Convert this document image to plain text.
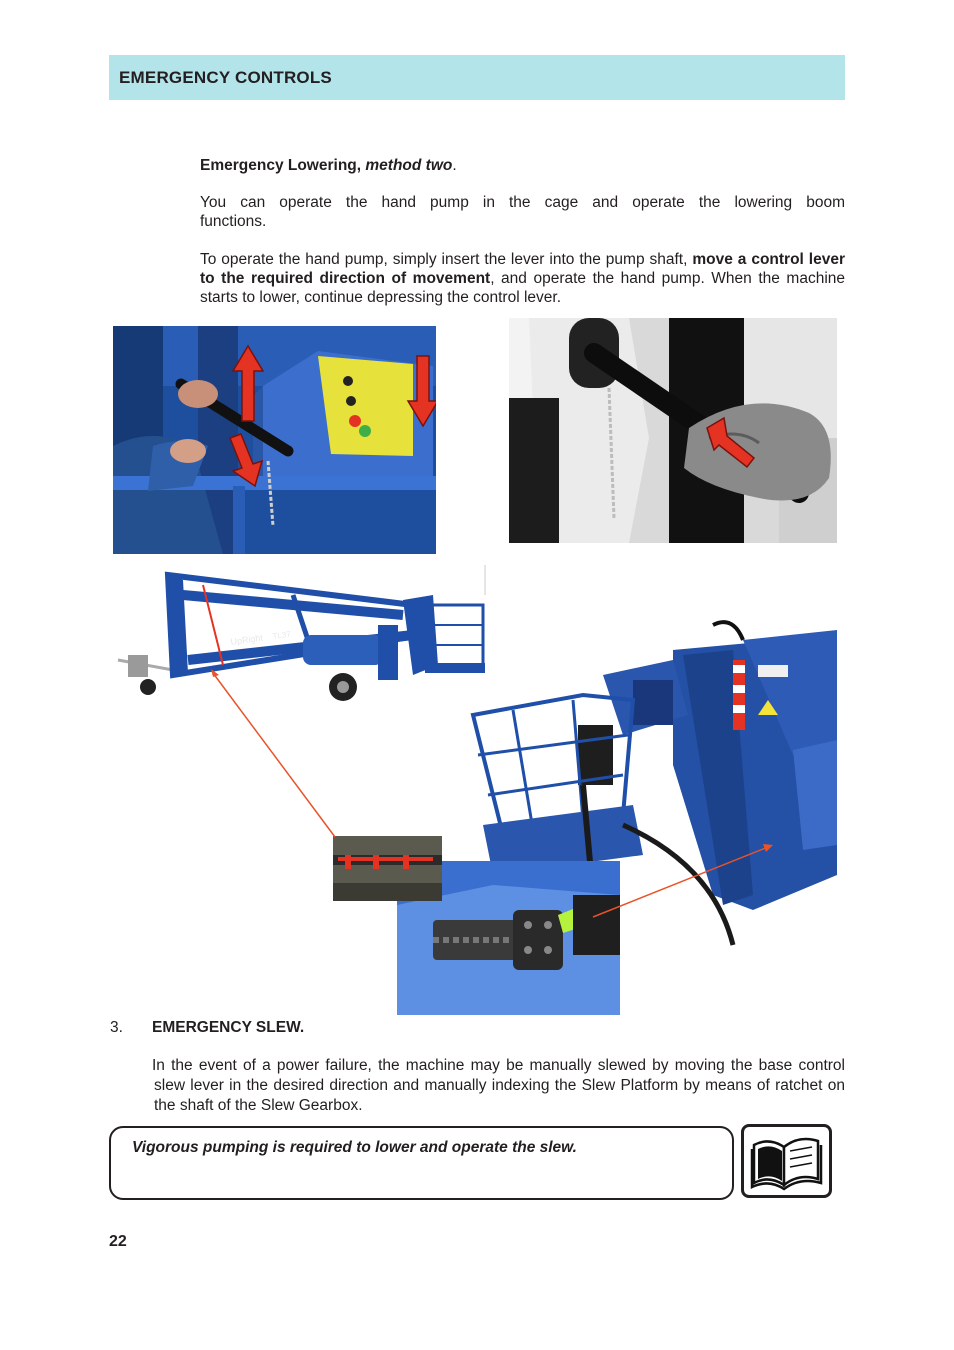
EMERGENCY CONTROLS
Emergency Lowering, method two.
You can operate the hand pump in the cage and operate the lowering boom functions.
To operate the hand pump, simply insert the lever into the pump shaft, move a control lever to the required direction of movement, and operate the hand pump. When the machine starts to lower, continue depressing the control lever.
UpRight TL37
3. EMERGENCY SLEW.
In the event of a power failure, the machine may be manually slewed by moving the base control slew lever in the desired direction and manually indexing the Slew Platform by means of ratchet on the shaft of the Slew Gearbox.
Vigorous pumping is required to lower and operate the slew.
22
